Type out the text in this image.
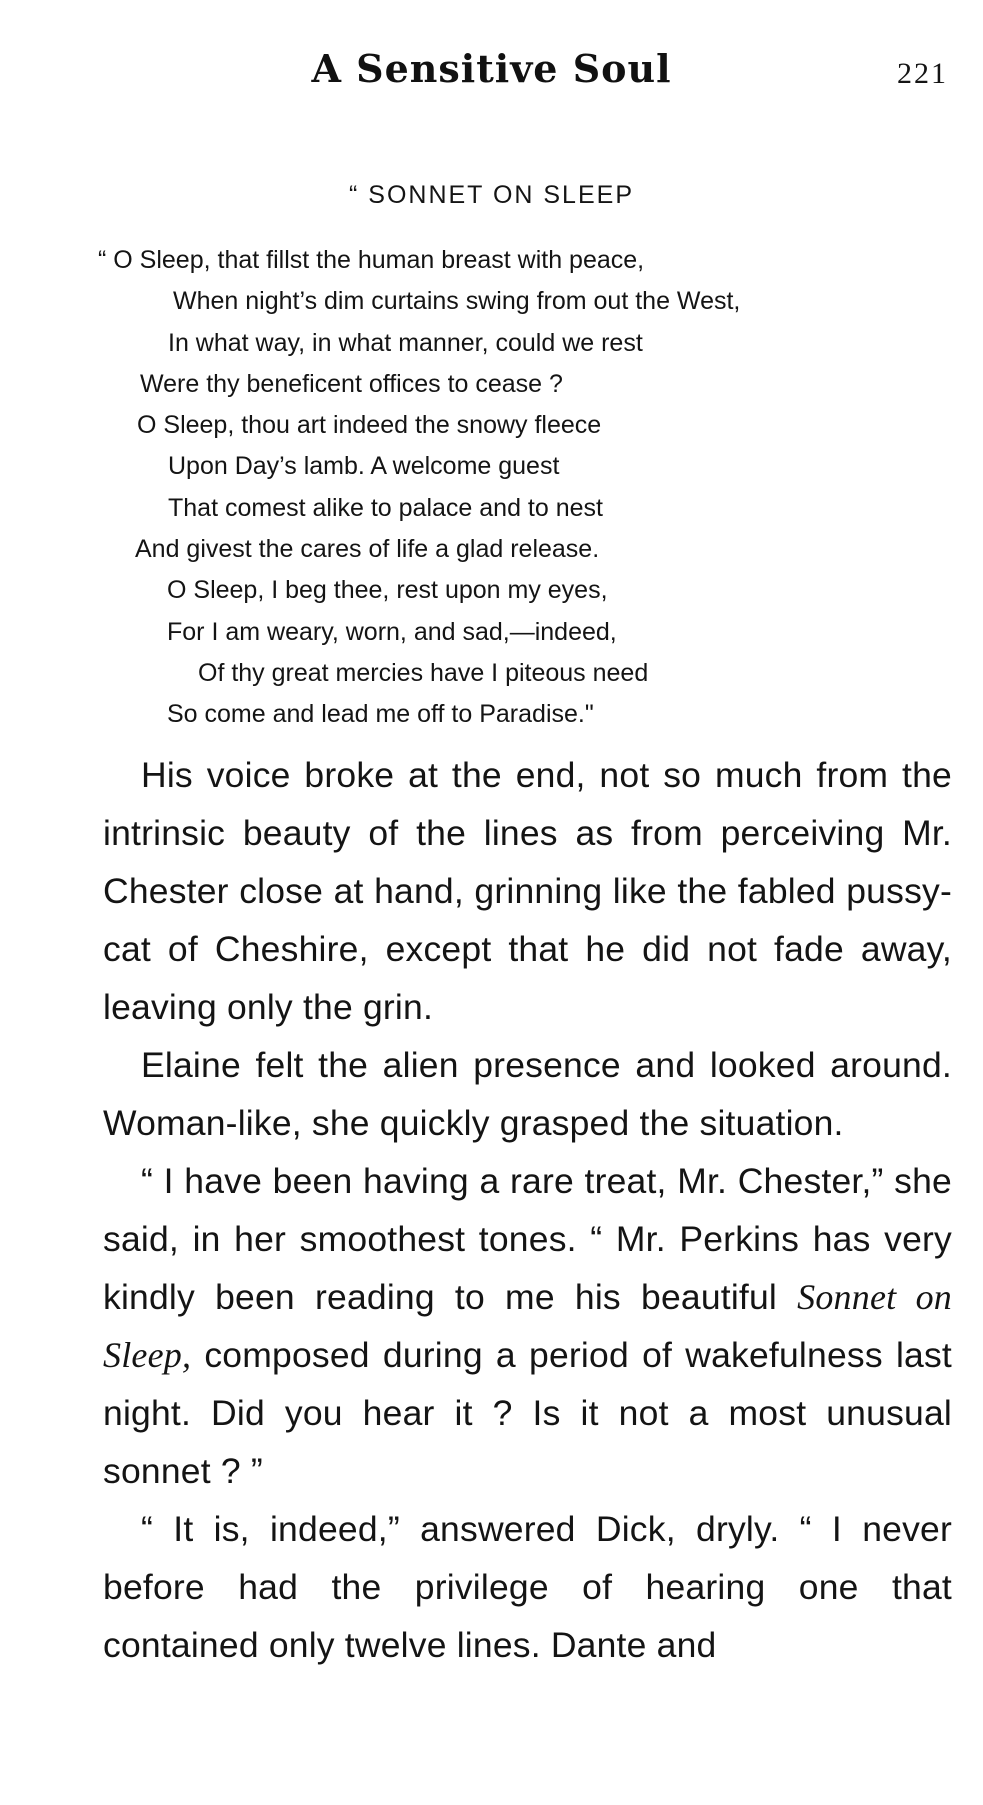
A Sensitive Soul	221
“ SONNET ON SLEEP
“ O Sleep, that fillst the human breast with peace,
When night’s dim curtains swing from out the West,
In what way, in what manner, could we rest
Were thy beneficent offices to cease ?
O Sleep, thou art indeed the snowy fleece
Upon Day’s lamb. A welcome guest
That comest alike to palace and to nest
And givest the cares of life a glad release.
O Sleep, I beg thee, rest upon my eyes,
For I am weary, worn, and sad,—indeed,
Of thy great mercies have I piteous need
So come and lead me off to Paradise."

His voice broke at the end, not so much from the intrinsic beauty of the lines as from perceiving Mr. Chester close at hand, grinning like the fabled pussy-cat of Cheshire, except that he did not fade away, leaving only the grin.

Elaine felt the alien presence and looked around. Woman-like, she quickly grasped the situation.

“ I have been having a rare treat, Mr. Chester,” she said, in her smoothest tones. “ Mr. Perkins has very kindly been reading to me his beautiful Sonnet on Sleep, composed during a period of wakefulness last night. Did you hear it ? Is it not a most unusual sonnet ? ”

“ It is, indeed,” answered Dick, dryly. “ I never before had the privilege of hearing one that contained only twelve lines. Dante and
